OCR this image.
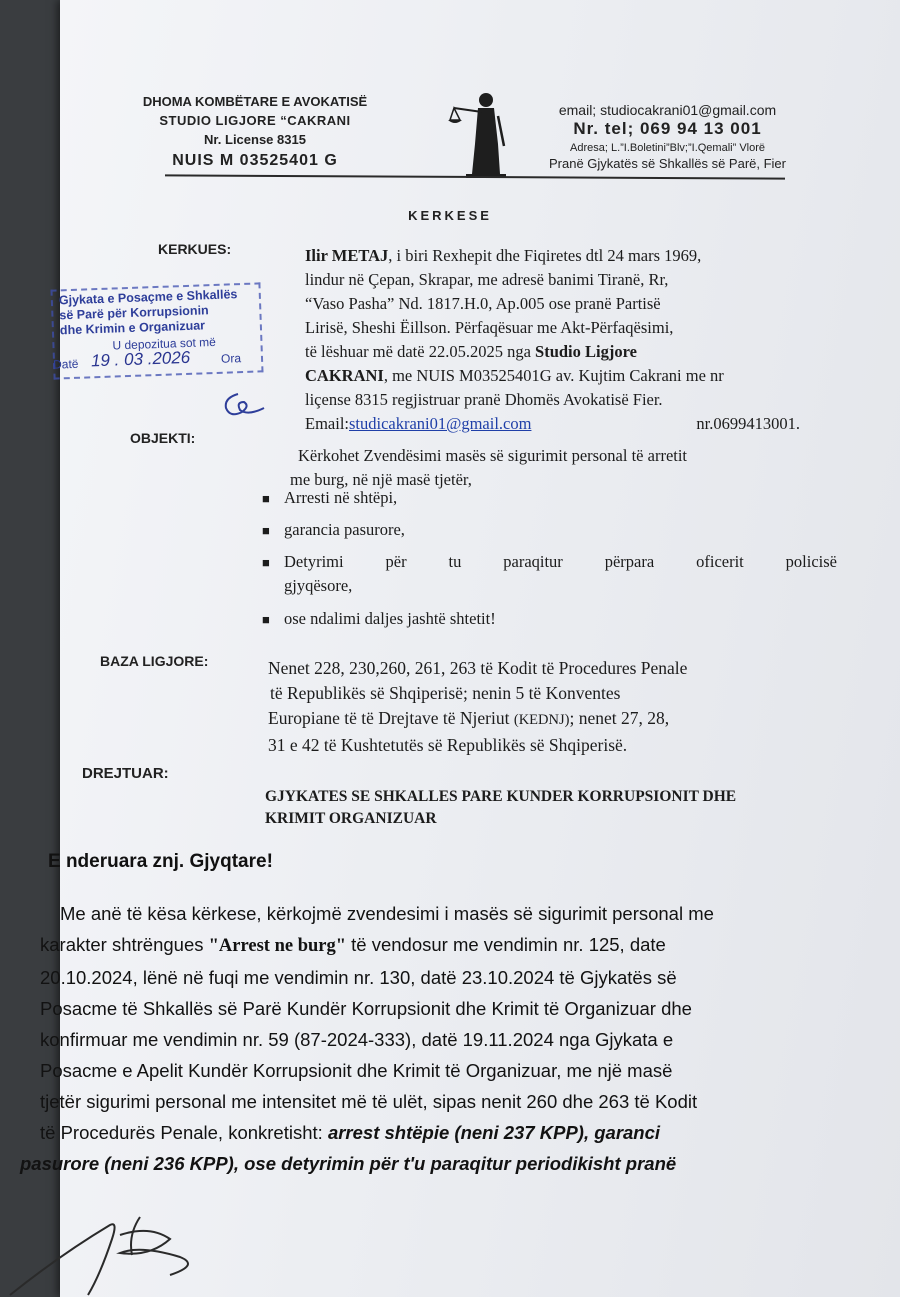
DHOMA KOMBËTARE E AVOKATISË
STUDIO LIGJORE “CAKRANI
Nr. License 8315
NUIS M 03525401 G
email; studiocakrani01@gmail.com
Nr. tel; 069 94 13 001
Adresa; L.”I.Boletini”Blv;”I.Qemali” Vlorë
Pranë Gjykatës së Shkallës së Parë, Fier
KERKESE
Gjykata e Posaçme e Shkallës
së Parë për Korrupsionin
dhe Krimin e Organizuar
U depozitua sot më
Datë 19 . 03 .2026	Ora
KERKUES:	Ilir METAJ, i biri Rexhepit dhe Fiqiretes dtl 24 mars 1969,
lindur në Çepan, Skrapar, me adresë banimi Tiranë, Rr,
“Vaso Pasha” Nd. 1817.H.0, Ap.005 ose pranë Partisë
Lirisë, Sheshi Ëillson. Përfaqësuar me Akt-Përfaqësimi,
të lëshuar më datë 22.05.2025 nga Studio Ligjore
CAKRANI, me NUIS M03525401G av. Kujtim Cakrani me nr
liçense 8315 regjistruar pranë Dhomës Avokatisë Fier.
Email:studicakrani01@gmail.com	nr.0699413001.
OBJEKTI:
Kërkohet Zvendësimi masës së sigurimit personal të arretit
me burg, në një masë tjetër,
■ Arresti në shtëpi,
■ garancia pasurore,
■ Detyrimi për tu paraqitur përpara oficerit policisë
gjyqësore,
■ ose ndalimi daljes jashtë shtetit!
BAZA LIGJORE:	Nenet 228, 230,260, 261, 263 të Kodit të Procedures Penale
të Republikës së Shqiperisë; nenin 5 të Konventes
Europiane të të Drejtave të Njeriut (KEDNJ); nenet 27, 28,
31 e 42 të Kushtetutës së Republikës së Shqiperisë.
DREJTUAR:
GJYKATES SE SHKALLES PARE KUNDER KORRUPSIONIT DHE
KRIMIT ORGANIZUAR
E nderuara znj. Gjyqtare!
Me anë të kësa kërkese, kërkojmë zvendesimi i masës së sigurimit personal me
karakter shtrëngues "Arrest ne burg" të vendosur me vendimin nr. 125, date
20.10.2024, lënë në fuqi me vendimin nr. 130, datë 23.10.2024 të Gjykatës së
Posacme të Shkallës së Parë Kundër Korrupsionit dhe Krimit të Organizuar dhe
konfirmuar me vendimin nr. 59 (87-2024-333), datë 19.11.2024 nga Gjykata e
Posacme e Apelit Kundër Korrupsionit dhe Krimit të Organizuar, me një masë
tjetër sigurimi personal me intensitet më të ulët, sipas nenit 260 dhe 263 të Kodit
të Procedurës Penale, konkretisht: arrest shtëpie (neni 237 KPP), garanci
pasurore (neni 236 KPP), ose detyrimin për t'u paraqitur periodikisht pranë
